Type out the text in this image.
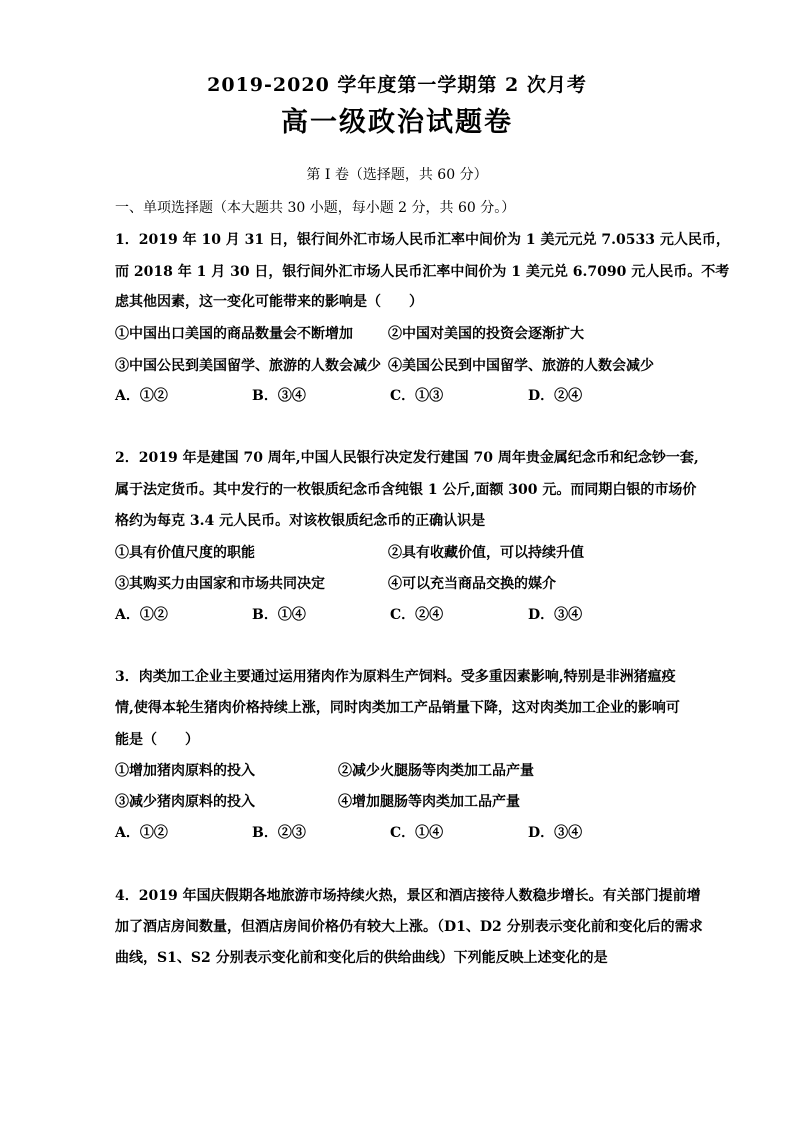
2019-2020 学年度第一学期第 2 次月考
高一级政治试题卷
第 I 卷（选择题，共 60 分）
一、单项选择题（本大题共 30 小题，每小题 2 分，共 60 分。）
1．2019 年 10 月 31 日，银行间外汇市场人民币汇率中间价为 1 美元元兑 7.0533 元人民币，
而 2018 年 1 月 30 日，银行间外汇市场人民币汇率中间价为 1 美元兑 6.7090 元人民币。不考
虑其他因素，这一变化可能带来的影响是（　　）
①中国出口美国的商品数量会不断增加	②中国对美国的投资会逐渐扩大
③中国公民到美国留学、旅游的人数会减少 ④美国公民到中国留学、旅游的人数会减少
A．①②	B．③④	C．①③	D．②④
2．2019 年是建国 70 周年,中国人民银行决定发行建国 70 周年贵金属纪念币和纪念钞一套,
属于法定货币。其中发行的一枚银质纪念币含纯银 1 公斤,面额 300 元。而同期白银的市场价
格约为每克 3.4 元人民币。对该枚银质纪念币的正确认识是
①具有价值尺度的职能	②具有收藏价值，可以持续升值
③其购买力由国家和市场共同决定	④可以充当商品交换的媒介
A．①②	B．①④	C．②④	D．③④
3．肉类加工企业主要通过运用猪肉作为原料生产饲料。受多重因素影响,特别是非洲猪瘟疫
情,使得本轮生猪肉价格持续上涨，同时肉类加工产品销量下降，这对肉类加工企业的影响可
能是（　　）
①增加猪肉原料的投入	②减少火腿肠等肉类加工品产量
③减少猪肉原料的投入	④增加腿肠等肉类加工品产量
A．①②	B．②③	C．①④	D．③④
4．2019 年国庆假期各地旅游市场持续火热，景区和酒店接待人数稳步增长。有关部门提前增
加了酒店房间数量，但酒店房间价格仍有较大上涨。（D1、D2 分别表示变化前和变化后的需求
曲线，S1、S2 分别表示变化前和变化后的供给曲线）下列能反映上述变化的是
